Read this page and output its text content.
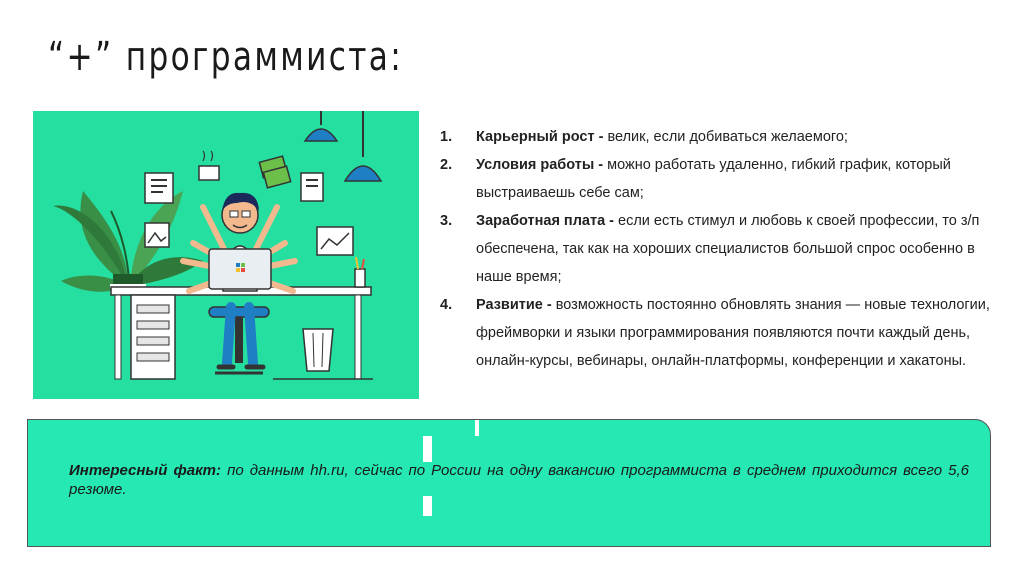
“+” программиста:
1. Карьерный рост - велик, если добиваться желаемого;
2. Условия работы - можно работать удаленно, гибкий график, который выстраиваешь себе сам;
3. Заработная плата - если есть стимул и любовь к своей профессии, то з/п обеспечена, так как на хороших специалистов большой спрос особенно в наше время;
4. Развитие - возможность постоянно обновлять знания — новые технологии, фреймворки и языки программирования появляются почти каждый день, онлайн-курсы, вебинары, онлайн-платформы, конференции и хакатоны.

Интересный факт: по данным hh.ru, сейчас по России на одну вакансию программиста в среднем приходится всего 5,6 резюме.
